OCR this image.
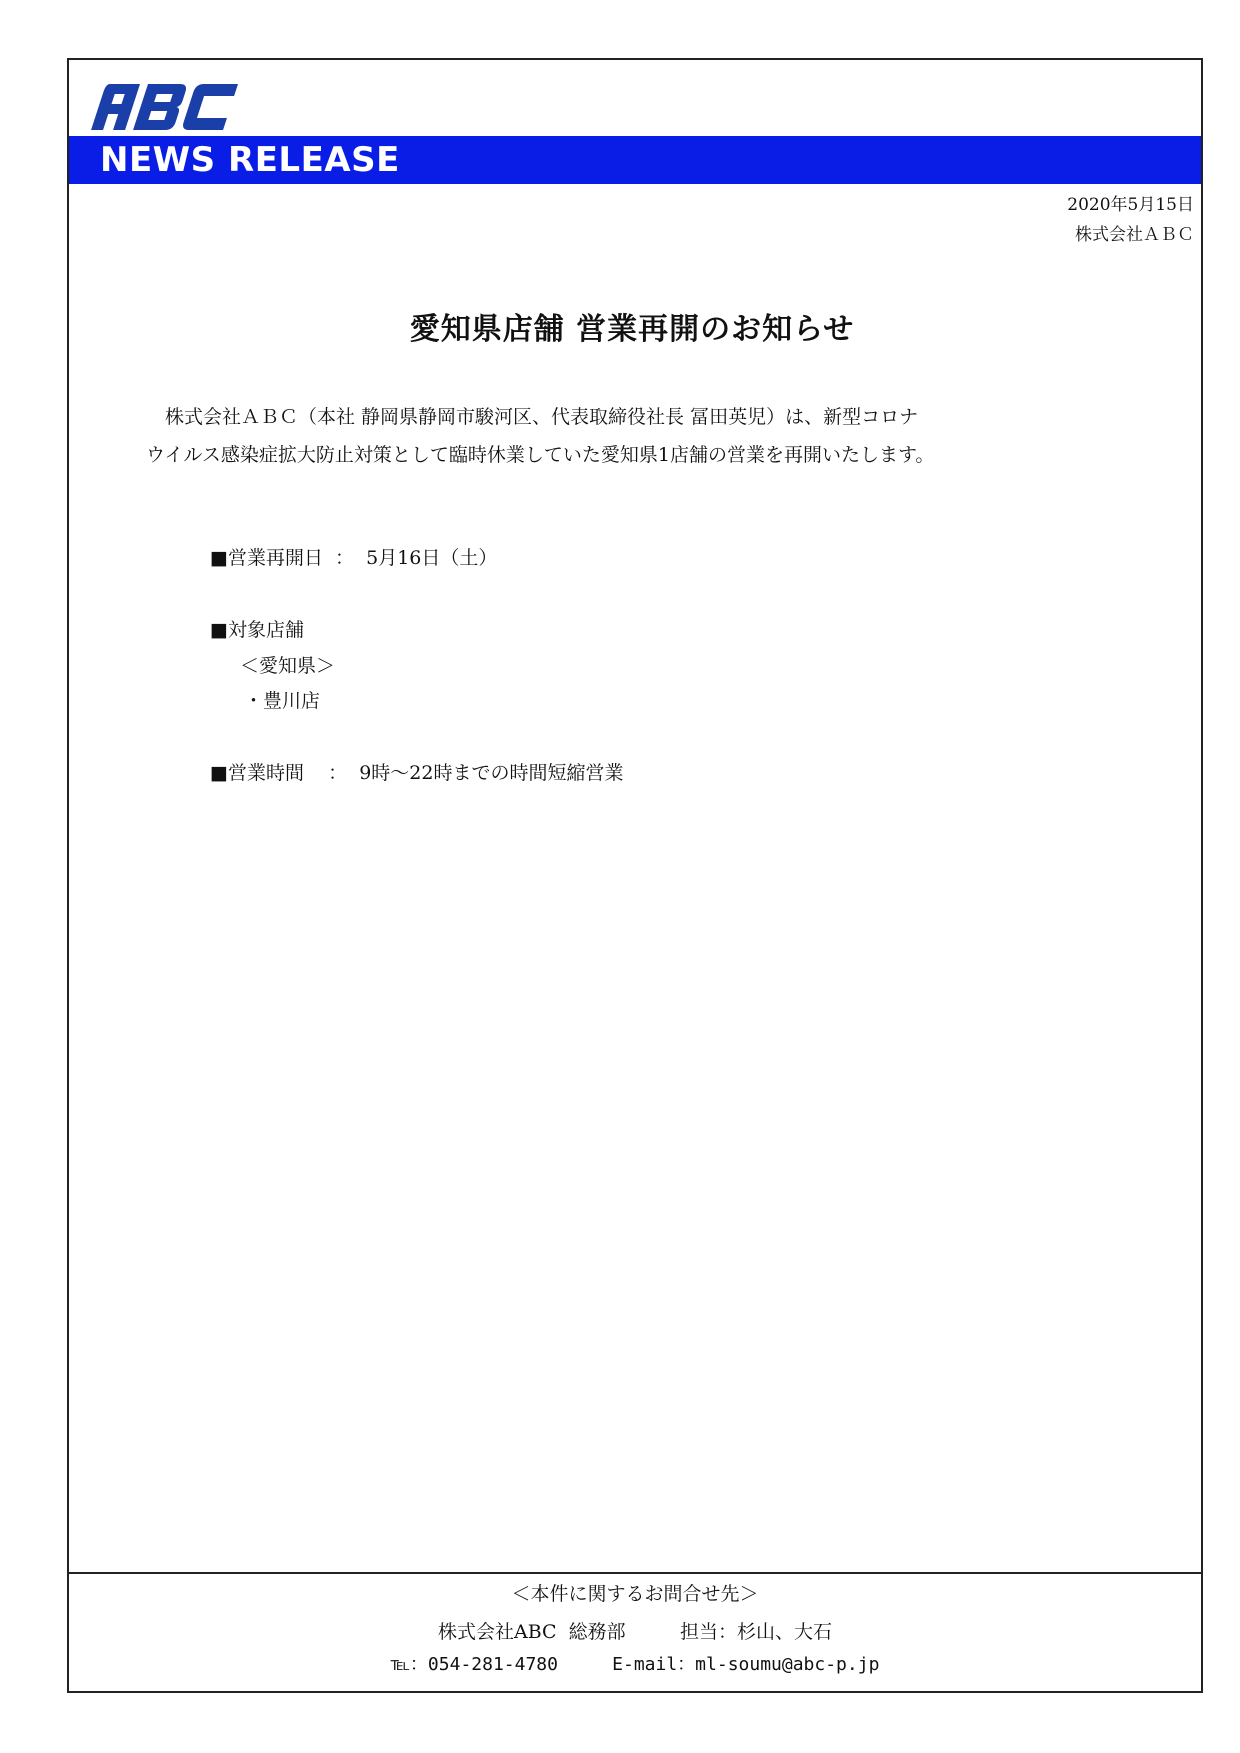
NEWS RELEASE
2020年5月15日
株式会社ＡＢＣ
愛知県店舗 営業再開のお知らせ
株式会社ＡＢＣ（本社 静岡県静岡市駿河区、代表取締役社長 冨田英児）は、新型コロナ
ウイルス感染症拡大防止対策として臨時休業していた愛知県1店舗の営業を再開いたします。
■営業再開日  ：  5月16日（土）
■対象店舗
＜愛知県＞
・豊川店
■営業時間    ：  9時～22時までの時間短縮営業
＜本件に関するお問合せ先＞
株式会社ABC  総務部         担当：杉山、大石
℡：054-281-4780     E-mail：ml-soumu@abc-p.jp
